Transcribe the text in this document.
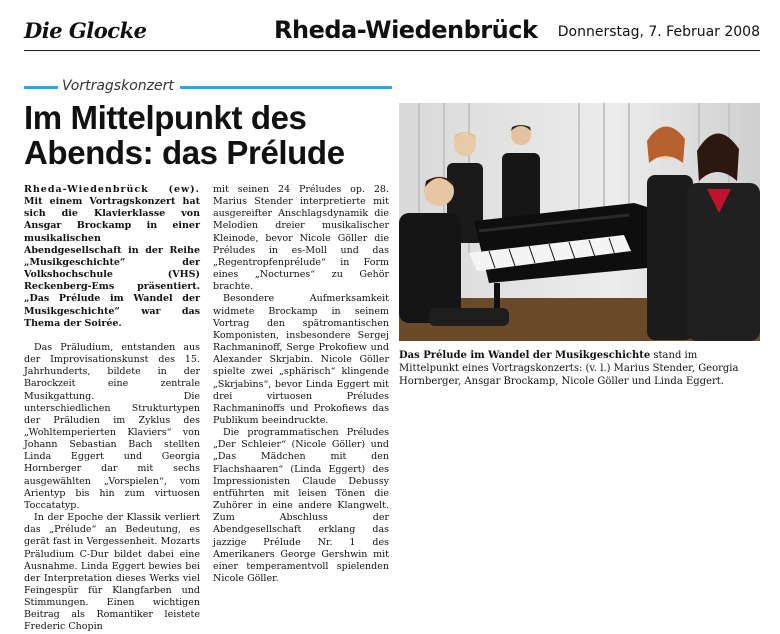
Die Glocke	Rheda-Wiedenbrück Donnerstag, 7. Februar 2008
Vortragskonzert
Im Mittelpunkt des Abends: das Prélude

Rheda-Wiedenbrück (ew). Mit einem Vortragskonzert hat sich die Klavierklasse von Ansgar Brockamp in einer musikalischen Abendgesellschaft in der Reihe „Musikgeschichte“ der Volkshochschule (VHS) Reckenberg-Ems präsentiert. „Das Prélude im Wandel der Musikgeschichte“ war das Thema der Soirée.

Das Präludium, entstanden aus der Improvisationskunst des 15. Jahrhunderts, bildete in der Barockzeit eine zentrale Musikgattung. Die unterschiedlichen Strukturtypen der Präludien im Zyklus des „Wohltemperierten Klaviers“ von Johann Sebastian Bach stellten Linda Eggert und Georgia Hornberger dar mit sechs ausgewählten „Vorspielen“, vom Arientyp bis hin zum virtuosen Toccatatyp.

In der Epoche der Klassik verliert das „Prélude“ an Bedeutung, es gerät fast in Vergessenheit. Mozarts Präludium C-Dur bildet dabei eine Ausnahme. Linda Eggert bewies bei der Interpretation dieses Werks viel Feingespür für Klangfarben und Stimmungen. Einen wichtigen Beitrag als Romantiker leistete Frederic Chopin

mit seinen 24 Préludes op. 28. Marius Stender interpretierte mit ausgereifter Anschlagsdynamik die Melodien dreier musikalischer Kleinode, bevor Nicole Göller die Préludes in es-Moll und das „Regentropfenprélude“ in Form eines „Nocturnes“ zu Gehör brachte.

Besondere Aufmerksamkeit widmete Brockamp in seinem Vortrag den spätromantischen Komponisten, insbesondere Sergej Rachmaninoff, Serge Prokofiew und Alexander Skrjabin. Nicole Göller spielte zwei „sphärisch“ klingende „Skrjabins“, bevor Linda Eggert mit drei virtuosen Préludes Rachmaninoffs und Prokofiews das Publikum beeindruckte.

Die programmatischen Préludes „Der Schleier“ (Nicole Göller) und „Das Mädchen mit den Flachshaaren“ (Linda Eggert) des Impressionisten Claude Debussy entführten mit leisen Tönen die Zuhörer in eine andere Klangwelt. Zum Abschluss der Abendgesellschaft erklang das jazzige Prélude Nr. 1 des Amerikaners George Gershwin mit einer temperamentvoll spielenden Nicole Göller.

Das Prélude im Wandel der Musikgeschichte stand im Mittelpunkt eines Vortragskonzerts: (v. l.) Marius Stender, Georgia Hornberger, Ansgar Brockamp, Nicole Göller und Linda Eggert.
